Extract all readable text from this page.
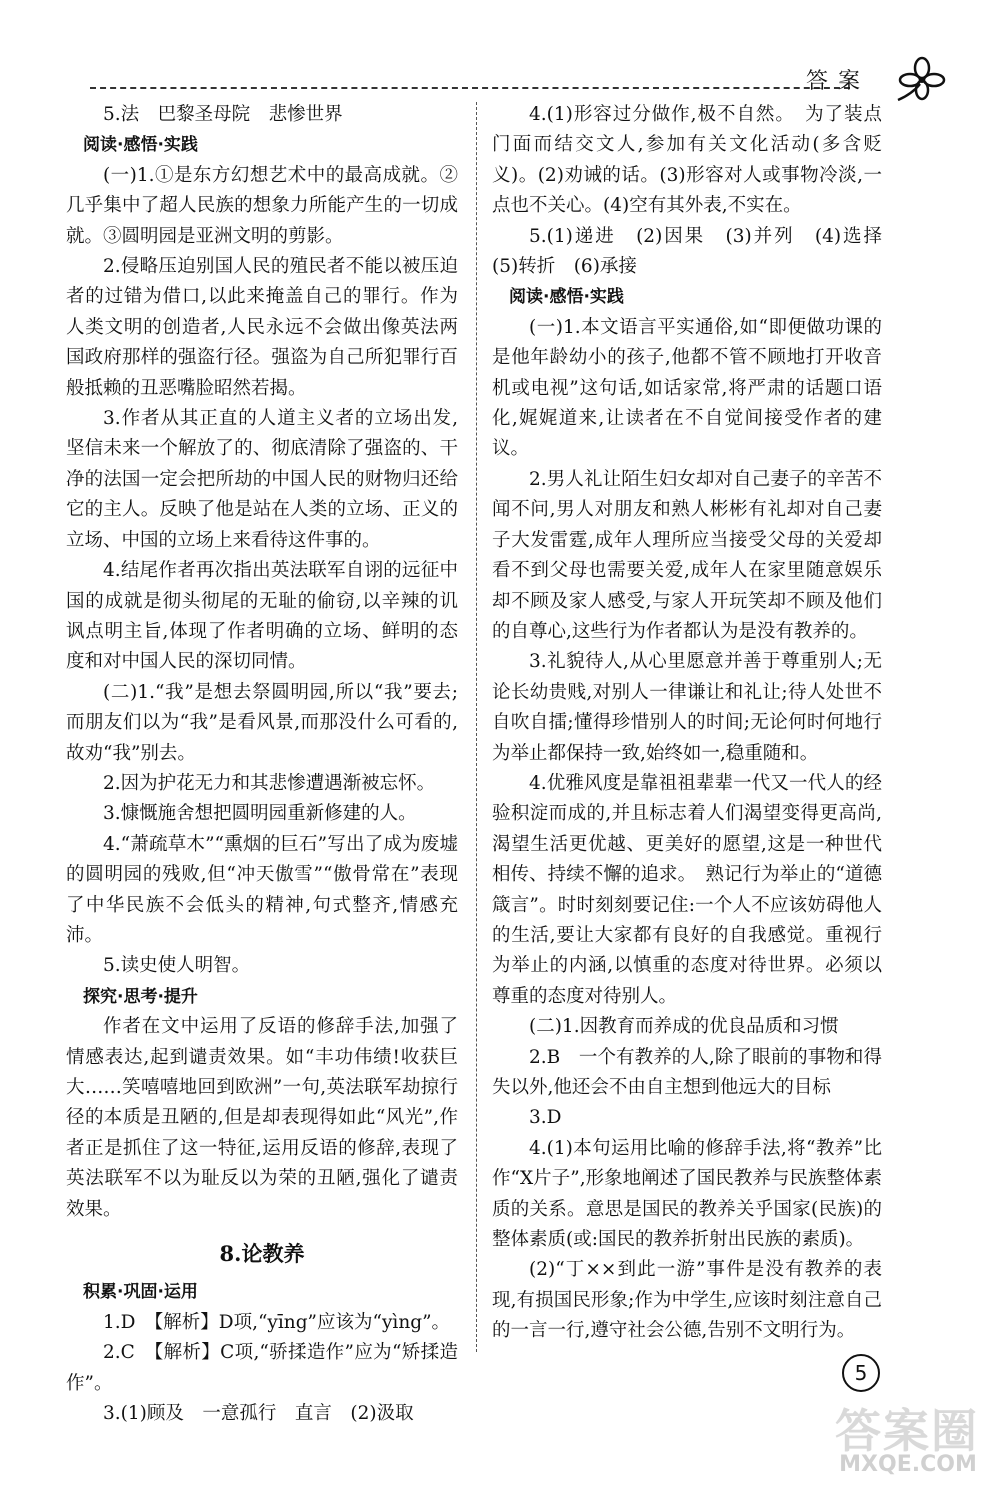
答案

5.法　巴黎圣母院　悲惨世界

阅读·感悟·实践

(一)1.①是东方幻想艺术中的最高成就。②几乎集中了超人民族的想象力所能产生的一切成就。③圆明园是亚洲文明的剪影。

2.侵略压迫别国人民的殖民者不能以被压迫者的过错为借口,以此来掩盖自己的罪行。作为人类文明的创造者,人民永远不会做出像英法两国政府那样的强盗行径。强盗为自己所犯罪行百般抵赖的丑恶嘴脸昭然若揭。

3.作者从其正直的人道主义者的立场出发,坚信未来一个解放了的、彻底清除了强盗的、干净的法国一定会把所劫的中国人民的财物归还给它的主人。反映了他是站在人类的立场、正义的立场、中国的立场上来看待这件事的。

4.结尾作者再次指出英法联军自诩的远征中国的成就是彻头彻尾的无耻的偷窃,以辛辣的讥讽点明主旨,体现了作者明确的立场、鲜明的态度和对中国人民的深切同情。

(二)1.“我”是想去祭圆明园,所以“我”要去;而朋友们以为“我”是看风景,而那没什么可看的,故劝“我”别去。

2.因为护花无力和其悲惨遭遇渐被忘怀。

3.慷慨施舍想把圆明园重新修建的人。

4.“萧疏草木”“熏烟的巨石”写出了成为废墟的圆明园的残败,但“冲天傲雪”“傲骨常在”表现了中华民族不会低头的精神,句式整齐,情感充沛。

5.读史使人明智。

探究·思考·提升

作者在文中运用了反语的修辞手法,加强了情感表达,起到谴责效果。如“丰功伟绩!收获巨大……笑嘻嘻地回到欧洲”一句,英法联军劫掠行径的本质是丑陋的,但是却表现得如此“风光”,作者正是抓住了这一特征,运用反语的修辞,表现了英法联军不以为耻反以为荣的丑陋,强化了谴责效果。

8.论教养

积累·巩固·运用

1.D　【解析】D项,“yīng”应该为“yìng”。

2.C　【解析】C项,“骄揉造作”应为“矫揉造作”。

3.(1)顾及　一意孤行　直言　(2)汲取

4.(1)形容过分做作,极不自然。　为了装点门面而结交文人,参加有关文化活动(多含贬义)。(2)劝诫的话。(3)形容对人或事物冷淡,一点也不关心。(4)空有其外表,不实在。

5.(1)递进　(2)因果　(3)并列　(4)选择　(5)转折　(6)承接

阅读·感悟·实践

(一)1.本文语言平实通俗,如“即便做功课的是他年龄幼小的孩子,他都不管不顾地打开收音机或电视”这句话,如话家常,将严肃的话题口语化,娓娓道来,让读者在不自觉间接受作者的建议。

2.男人礼让陌生妇女却对自己妻子的辛苦不闻不问,男人对朋友和熟人彬彬有礼却对自己妻子大发雷霆,成年人理所应当接受父母的关爱却看不到父母也需要关爱,成年人在家里随意娱乐却不顾及家人感受,与家人开玩笑却不顾及他们的自尊心,这些行为作者都认为是没有教养的。

3.礼貌待人,从心里愿意并善于尊重别人;无论长幼贵贱,对别人一律谦让和礼让;待人处世不自吹自擂;懂得珍惜别人的时间;无论何时何地行为举止都保持一致,始终如一,稳重随和。

4.优雅风度是靠祖祖辈辈一代又一代人的经验积淀而成的,并且标志着人们渴望变得更高尚,渴望生活更优越、更美好的愿望,这是一种世代相传、持续不懈的追求。　熟记行为举止的“道德箴言”。时时刻刻要记住:一个人不应该妨碍他人的生活,要让大家都有良好的自我感觉。重视行为举止的内涵,以慎重的态度对待世界。必须以尊重的态度对待别人。

(二)1.因教育而养成的优良品质和习惯

2.B　一个有教养的人,除了眼前的事物和得失以外,他还会不由自主想到他远大的目标

3.D

4.(1)本句运用比喻的修辞手法,将“教养”比作“X片子”,形象地阐述了国民教养与民族整体素质的关系。意思是国民的教养关乎国家(民族)的整体素质(或:国民的教养折射出民族的素质)。

(2)“丁××到此一游”事件是没有教养的表现,有损国民形象;作为中学生,应该时刻注意自己的一言一行,遵守社会公德,告别不文明行为。

5
答案圈
MXQE.COM
